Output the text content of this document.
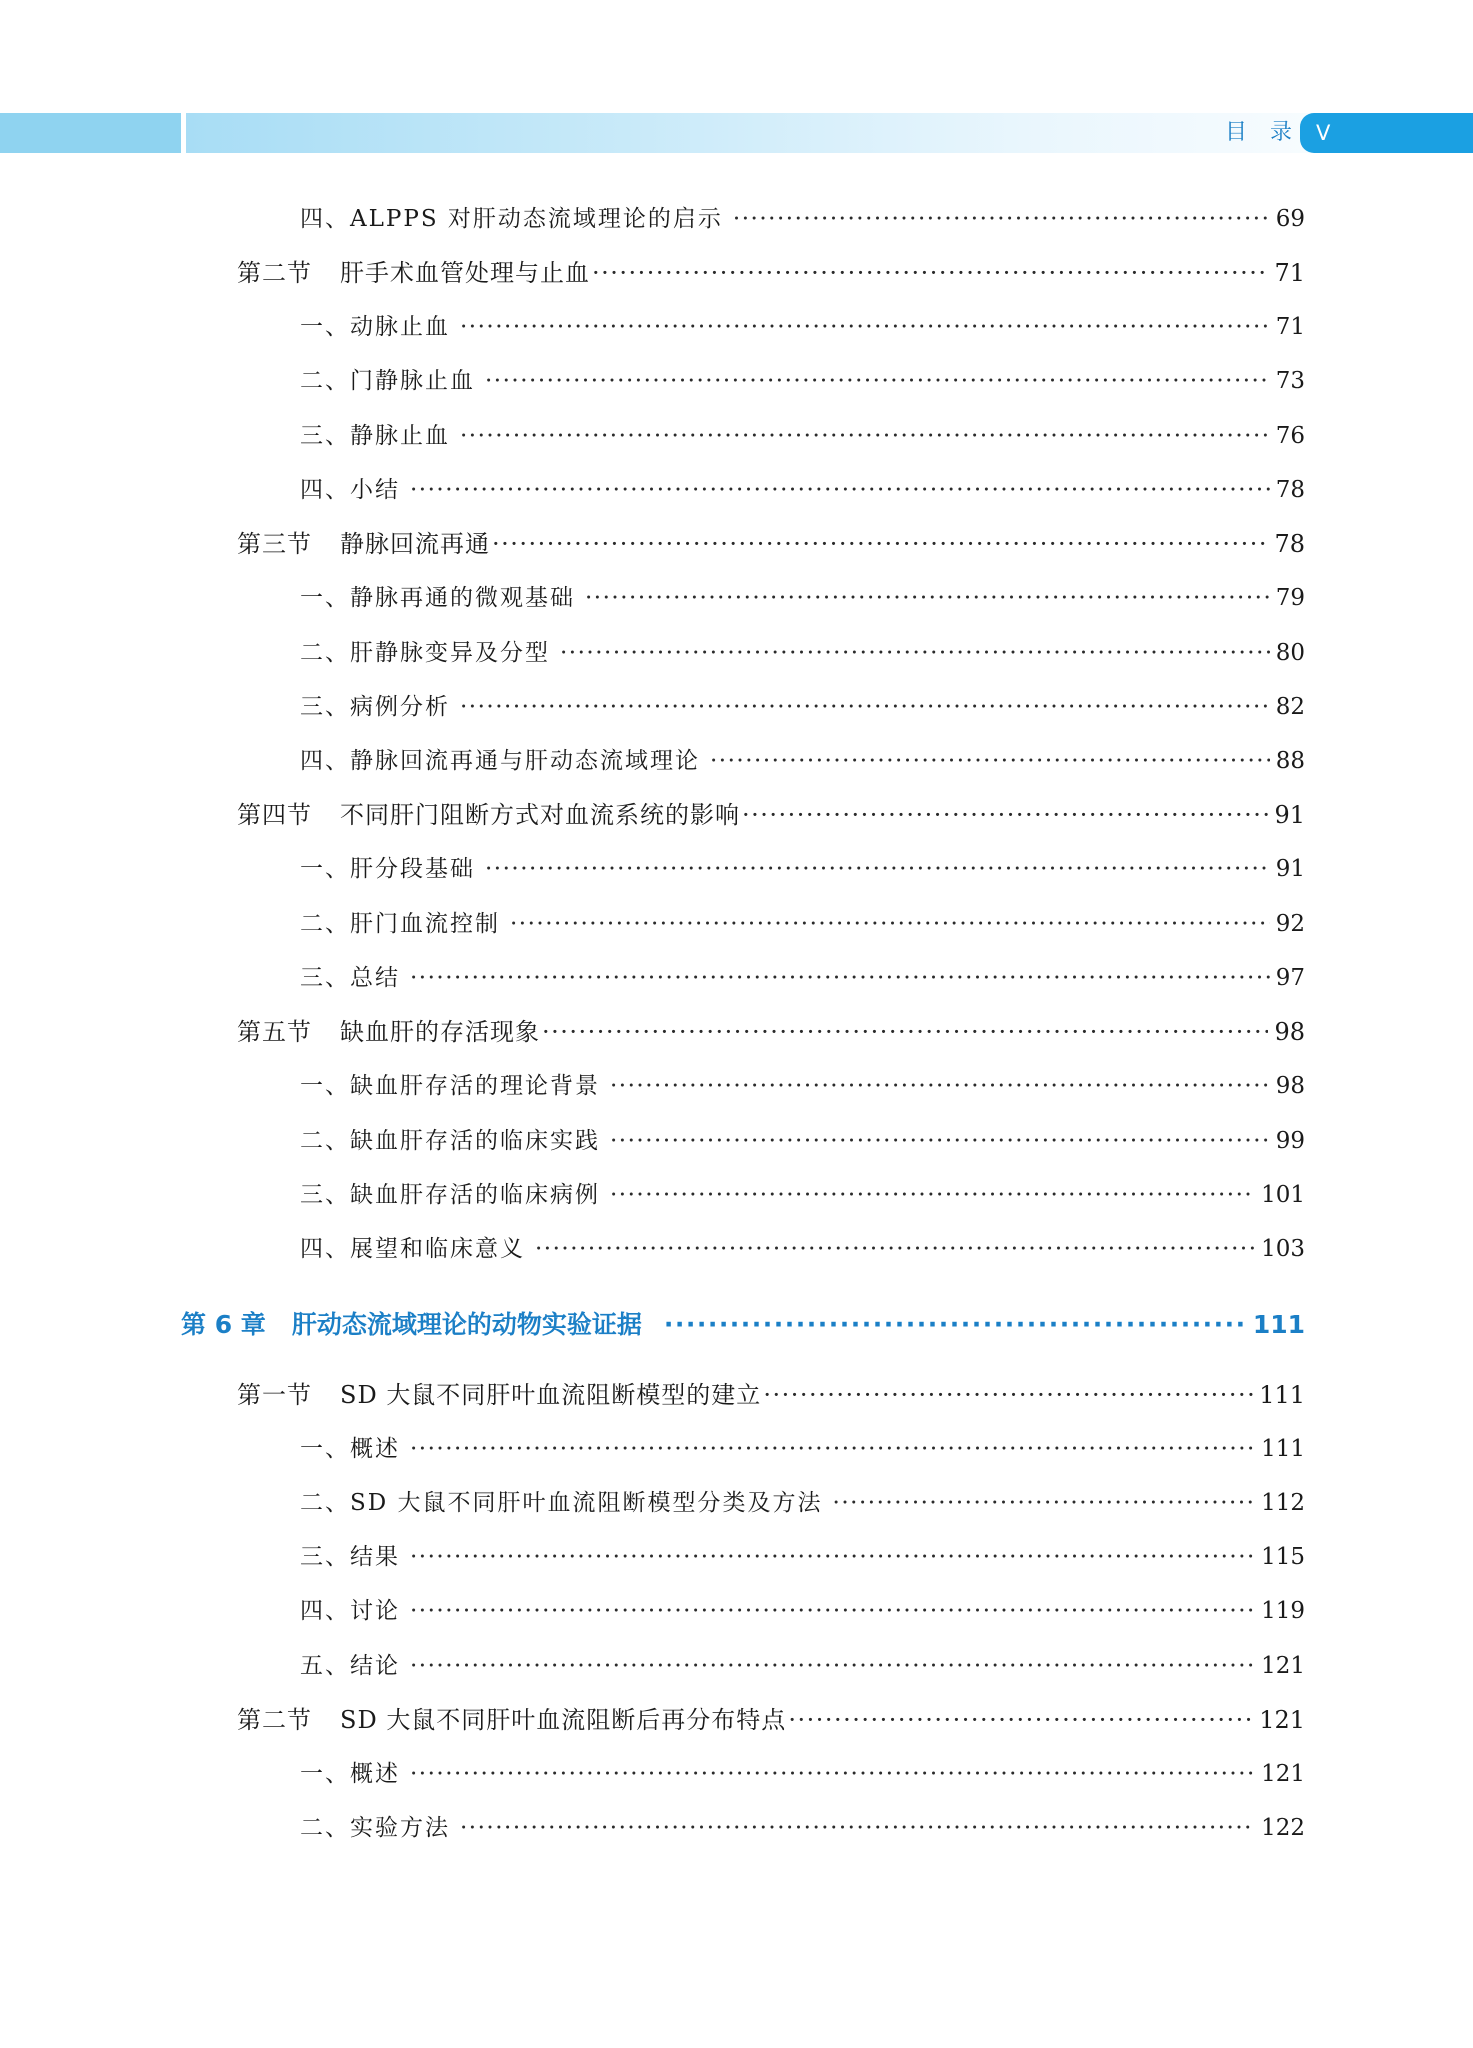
目 录 V
四、ALPPS 对肝动态流域理论的启示 ·····	69
第二节 肝手术血管处理与止血 ·····	71
一、动脉止血 ·····	71
二、门静脉止血 ·····	73
三、静脉止血 ·····	76
四、小结 ·····	78
第三节 静脉回流再通 ·····	78
一、静脉再通的微观基础 ·····	79
二、肝静脉变异及分型 ·····	80
三、病例分析 ·····	82
四、静脉回流再通与肝动态流域理论 ·····	88
第四节 不同肝门阻断方式对血流系统的影响 ·····	91
一、肝分段基础 ·····	91
二、肝门血流控制 ·····	92
三、总结 ·····	97
第五节 缺血肝的存活现象 ·····	98
一、缺血肝存活的理论背景 ·····	98
二、缺血肝存活的临床实践 ·····	99
三、缺血肝存活的临床病例 ·····	101
四、展望和临床意义 ·····	103
第 6 章 肝动态流域理论的动物实验证据 ·····	111
第一节 SD 大鼠不同肝叶血流阻断模型的建立 ·····	111
一、概述 ·····	111
二、SD 大鼠不同肝叶血流阻断模型分类及方法 ·····	112
三、结果 ·····	115
四、讨论 ·····	119
五、结论 ·····	121
第二节 SD 大鼠不同肝叶血流阻断后再分布特点 ·····	121
一、概述 ·····	121
二、实验方法 ·····	122
